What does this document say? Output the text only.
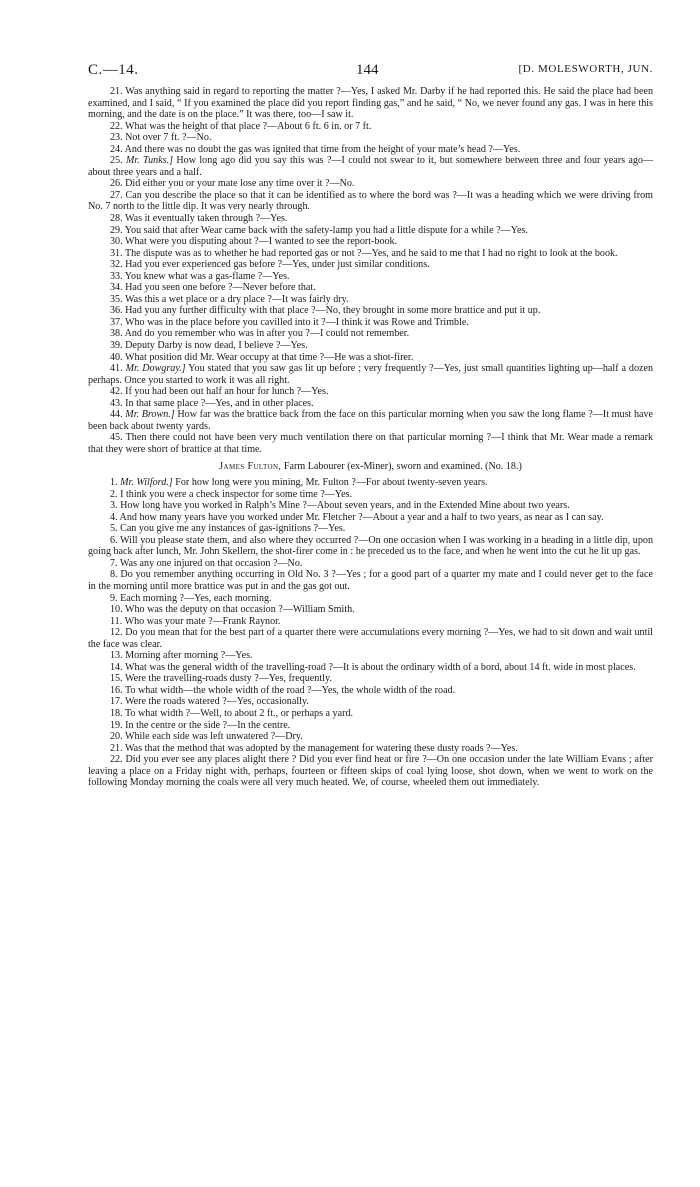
C.—14.	144	[D. MOLESWORTH, JUN.

21. Was anything said in regard to reporting the matter ?—Yes, I asked Mr. Darby if he had reported this. He said the place had been examined, and I said, “ If you examined the place did you report finding gas,” and he said, “ No, we never found any gas. I was in here this morning, and the date is on the place.” It was there, too—I saw it.

22. What was the height of that place ?—About 6 ft. 6 in. or 7 ft.

23. Not over 7 ft. ?—No.

24. And there was no doubt the gas was ignited that time from the height of your mate’s head ?—Yes.

25. Mr. Tunks.] How long ago did you say this was ?—I could not swear to it, but somewhere between three and four years ago—about three years and a half.

26. Did either you or your mate lose any time over it ?—No.

27. Can you describe the place so that it can be identified as to where the bord was ?—It was a heading which we were driving from No. 7 north to the little dip. It was very nearly through.

28. Was it eventually taken through ?—Yes.

29. You said that after Wear came back with the safety-lamp you had a little dispute for a while ?—Yes.

30. What were you disputing about ?—I wanted to see the report-book.

31. The dispute was as to whether he had reported gas or not ?—Yes, and he said to me that I had no right to look at the book.

32. Had you ever experienced gas before ?—Yes, under just similar conditions.

33. You knew what was a gas-flame ?—Yes.

34. Had you seen one before ?—Never before that.

35. Was this a wet place or a dry place ?—It was fairly dry.

36. Had you any further difficulty with that place ?—No, they brought in some more brattice and put it up.

37. Who was in the place before you cavilled into it ?—I think it was Rowe and Trimble.

38. And do you remember who was in after you ?—I could not remember.

39. Deputy Darby is now dead, I believe ?—Yes.

40. What position did Mr. Wear occupy at that time ?—He was a shot-firer.

41. Mr. Dowgray.] You stated that you saw gas lit up before ; very frequently ?—Yes, just small quantities lighting up—half a dozen perhaps. Once you started to work it was all right.

42. If you had been out half an hour for lunch ?—Yes.

43. In that same place ?—Yes, and in other places.

44. Mr. Brown.] How far was the brattice back from the face on this particular morning when you saw the long flame ?—It must have been back about twenty yards.

45. Then there could not have been very much ventilation there on that particular morning ?—I think that Mr. Wear made a remark that they were short of brattice at that time.

James Fulton, Farm Labourer (ex-Miner), sworn and examined. (No. 18.)

1. Mr. Wilford.] For how long were you mining, Mr. Fulton ?—For about twenty-seven years.

2. I think you were a check inspector for some time ?—Yes.

3. How long have you worked in Ralph’s Mine ?—About seven years, and in the Extended Mine about two years.

4. And how many years have you worked under Mr. Fletcher ?—About a year and a half to two years, as near as I can say.

5. Can you give me any instances of gas-ignitions ?—Yes.

6. Will you please state them, and also where they occurred ?—On one occasion when I was working in a heading in a little dip, upon going back after lunch, Mr. John Skellern, the shot-firer come in : he preceded us to the face, and when he went into the cut he lit up gas.

7. Was any one injured on that occasion ?—No.

8. Do you remember anything occurring in Old No. 3 ?—Yes ; for a good part of a quarter my mate and I could never get to the face in the morning until more brattice was put in and the gas got out.

9. Each morning ?—Yes, each morning.

10. Who was the deputy on that occasion ?—William Smith.

11. Who was your mate ?—Frank Raynor.

12. Do you mean that for the best part of a quarter there were accumulations every morning ?—Yes, we had to sit down and wait until the face was clear.

13. Morning after morning ?—Yes.

14. What was the general width of the travelling-road ?—It is about the ordinary width of a bord, about 14 ft. wide in most places.

15. Were the travelling-roads dusty ?—Yes, frequently.

16. To what width—the whole width of the road ?—Yes, the whole width of the road.

17. Were the roads watered ?—Yes, occasionally.

18. To what width ?—Well, to about 2 ft., or perhaps a yard.

19. In the centre or the side ?—In the centre.

20. While each side was left unwatered ?—Dry.

21. Was that the method that was adopted by the management for watering these dusty roads ?—Yes.

22. Did you ever see any places alight there ? Did you ever find heat or fire ?—On one occasion under the late William Evans ; after leaving a place on a Friday night with, perhaps, fourteen or fifteen skips of coal lying loose, shot down, when we went to work on the following Monday morning the coals were all very much heated. We, of course, wheeled them out immediately.
